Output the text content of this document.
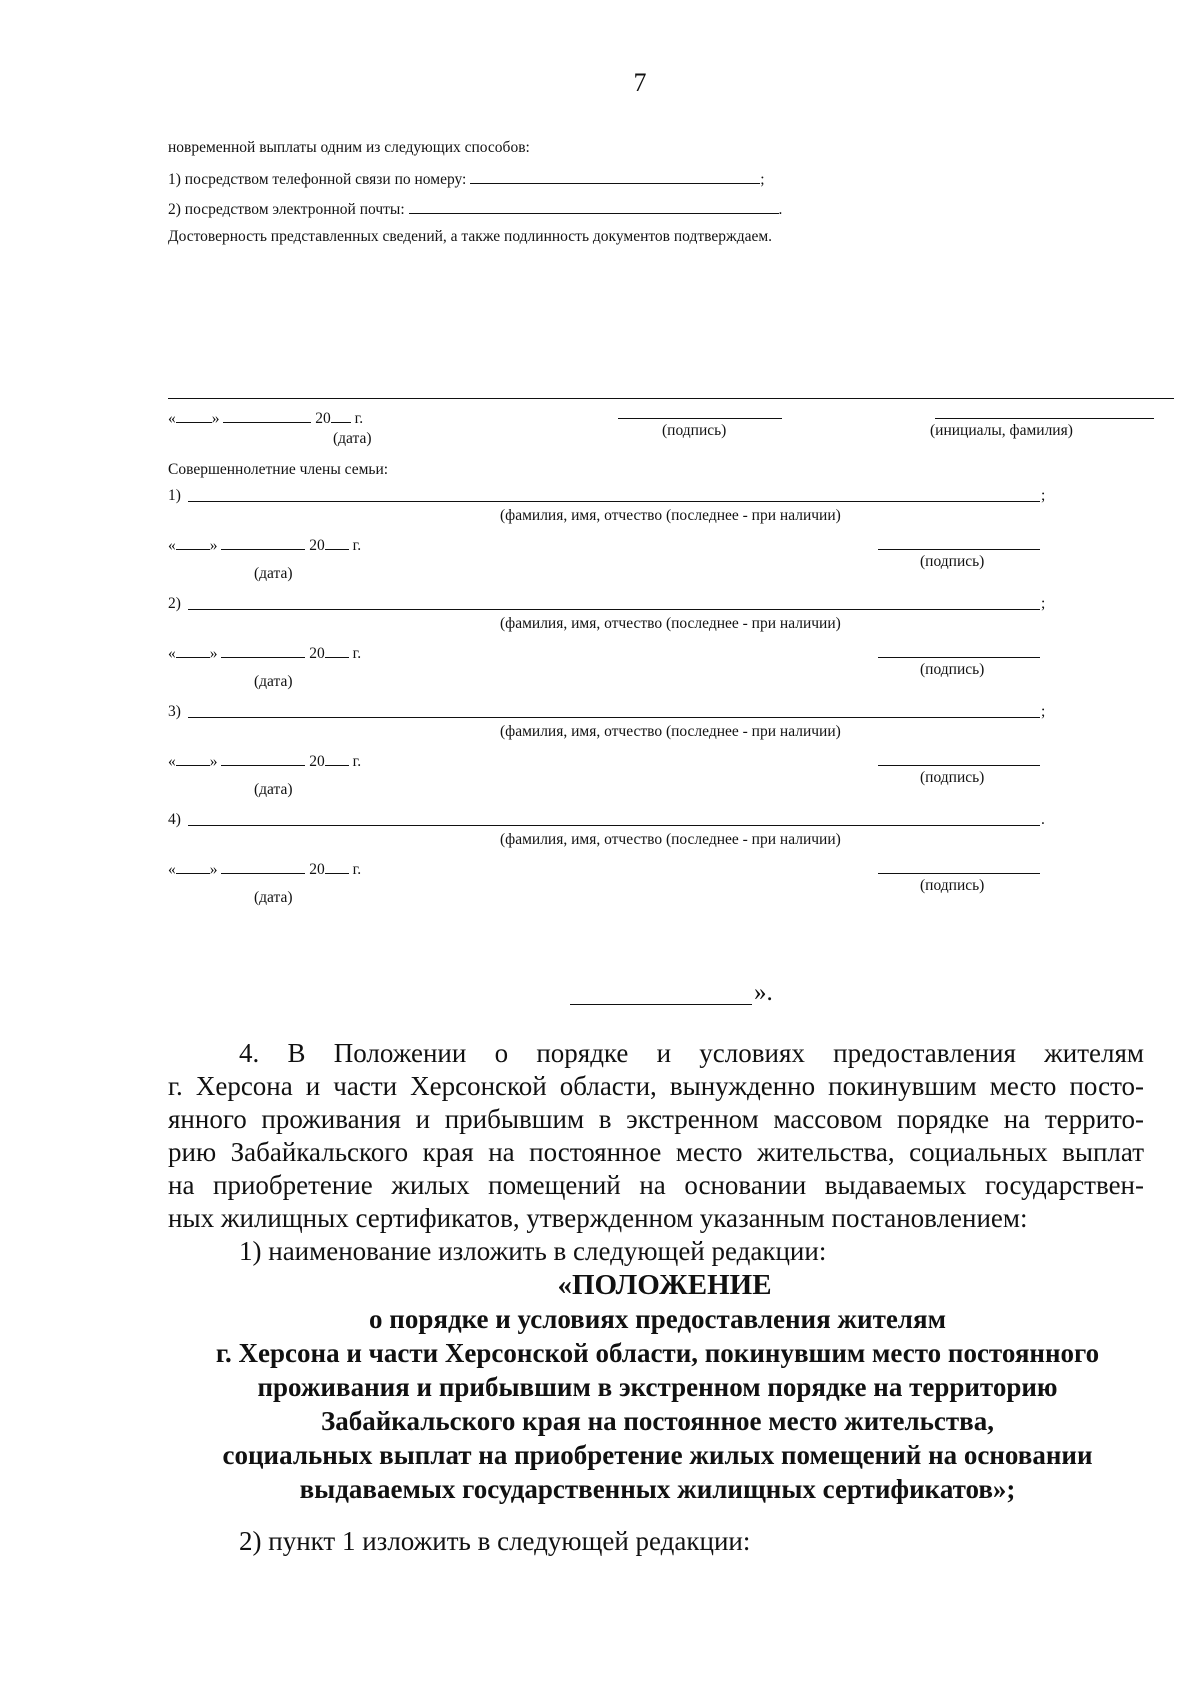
7
новременной выплаты одним из следующих способов:
1) посредством телефонной связи по номеру:	;
2) посредством электронной почты:	.
Достоверность представленных сведений, а также подлинность документов подтверждаем.
« »	20 г.
(дата)	(подпись)	(инициалы, фамилия)
Совершеннолетние члены семьи:
1)	;
(фамилия, имя, отчество (последнее - при наличии)
« »	20 г.
(дата)
(подпись)
2)	;
(фамилия, имя, отчество (последнее - при наличии)
« »	20 г.
(дата)
(подпись)
3)	;
(фамилия, имя, отчество (последнее - при наличии)
« »	20 г.
(дата)
(подпись)
4)	.
(фамилия, имя, отчество (последнее - при наличии)
« »	20 г.
(дата)
(подпись)
».
4. В Положении о порядке и условиях предоставления жителям
г. Херсона и части Херсонской области, вынужденно покинувшим место посто-
янного проживания и прибывшим в экстренном массовом порядке на террито-
рию Забайкальского края на постоянное место жительства, социальных выплат
на приобретение жилых помещений на основании выдаваемых государствен-
ных жилищных сертификатов, утвержденном указанным постановлением:
1) наименование изложить в следующей редакции:
«ПОЛОЖЕНИЕ
о порядке и условиях предоставления жителям
г. Херсона и части Херсонской области, покинувшим место постоянного
проживания и прибывшим в экстренном порядке на территорию
Забайкальского края на постоянное место жительства,
социальных выплат на приобретение жилых помещений на основании
выдаваемых государственных жилищных сертификатов»;
2) пункт 1 изложить в следующей редакции:
